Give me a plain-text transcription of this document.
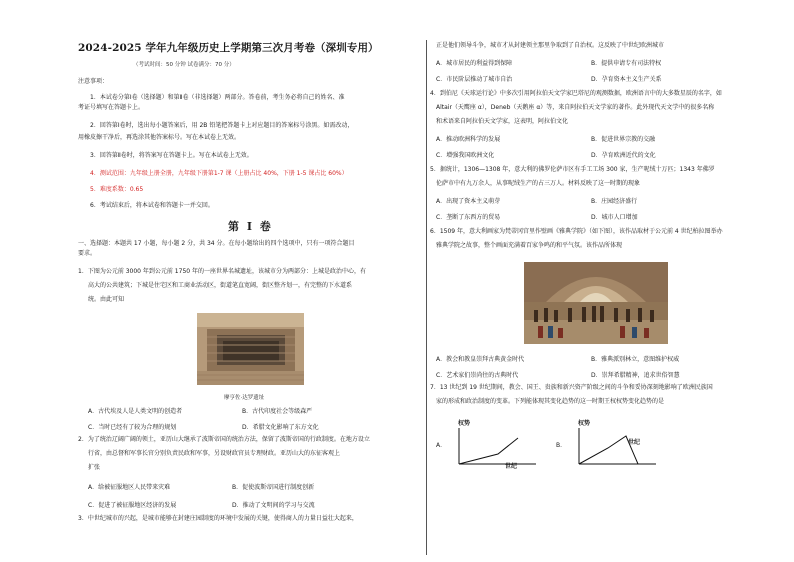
2024-2025 学年九年级历史上学期第三次月考卷（深圳专用）
（考试时间：50 分钟 试卷满分：70 分）
注意事项：
1．本试卷分第Ⅰ卷（选择题）和第Ⅱ卷（非选择题）两部分。答卷前，考生务必将自己的姓名、准
考证号填写在答题卡上。
2．回答第Ⅰ卷时，选出每小题答案后，用 2B 铅笔把答题卡上对应题目的答案标号涂黑。如需改动，
用橡皮擦干净后，再选涂其他答案标号。写在本试卷上无效。
3．回答第Ⅱ卷时，将答案写在答题卡上。写在本试卷上无效。
4．测试范围：九年级上册全册，九年级下册第1-7 课（上册占比 40%，下册 1-5 课占比 60%）
5．难度系数：0.65
6．考试结束后，将本试卷和答题卡一并交回。
第 Ⅰ 卷
一、选择题：本题共 17 小题，每小题 2 分，共 34 分。在每小题给出的四个选项中，只有一项符合题目
要求。
1．下图为公元前 3000 年到公元前 1750 年的一座世界名城遗址，该城市分为两部分：上城是政治中心，有
高大的公共建筑；下城是住宅区和工商业活动区，街道笔直宽阔，街区整齐划一，有完整的下水道系
统。由此可知
摩亨佐·达罗遗址
A．古代埃及人是人类文明的创造者	B．古代印度社会等级森严
C．当时已经有了较为合理的规划	D．希腊文化影响了东方文化
2．为了统治辽阔广阔的领土，亚历山大继承了波斯帝国的统治方法，保留了波斯帝国的行政制度。在地方设立
行省，由总督和军事长官分别负责民政和军事，另设财政官员专理财政。亚历山大的东征客观上
扩张
A．给被征服地区人民带来灾难	B．促使波斯帝国进行制度创新
C．促进了被征服地区经济的发展	D．推动了文明间的学习与交流
3．中世纪城市的兴起，是城市能够在封建庄园制度的环境中发展的关键，使得商人的力量日益壮大起来，
正是他们领导斗争，城市才从封建领主那里争取到了自治权。这反映了中世纪欧洲城市
A．城市居民的利益得到保障	B．提供申请专有司法特权
C．市民阶层推动了城市自治	D．孕育资本主义生产关系
4．到伯尼《天球运行论》中多次引用阿拉伯天文学家巴塔尼的观测数据，欧洲语言中的大多数星辰的名字，如
Altair（天鹰座 α），Deneb（天鹅座 α）等，来自阿拉伯天文学家的著作。此外现代天文学中的很多名称
和术语来自阿拉伯天文学家，这表明，阿拉伯文化
A．推动欧洲科学的发展	B．促进世界宗教的交融
C．增强我国欧洲文化	D．孕育欧洲近代的文化
5．据统计，1306—1308 年，意大利的佛罗伦萨市区有手工工场 300 家，生产呢绒十万匹；1343 年佛罗
伦萨市中有九万余人，从事呢绒生产的占三万人。材料反映了这一时期的现象
A．出现了资本主义萌芽	B．庄园经济盛行
C．垄断了东西方的贸易	D．城市人口增加
6．1509 年，意大利画家为梵蒂冈宫里作壁画《雅典学院》（如下图），该作品取材于公元前 4 世纪柏拉图举办
雅典学院之故事，整个画面充满着百家争鸣的和平气氛。该作品所体现
A．教会和教皇崇拜古典黄金时代	B．雅典派别林立，意图维护权威
C．艺术家们崇尚往的古典时代	D．崇拜希腊精神，追求世俗智慧
7．13 世纪到 19 世纪期间，教会、国王、贵族和新兴资产阶级之间的斗争和妥协深刻地影响了欧洲民族国
家的形成和政治制度的变革。下列能体现其变化趋势的这一时期王权权势变化趋势的是
权势
A．
世纪
权势
B．	世纪
